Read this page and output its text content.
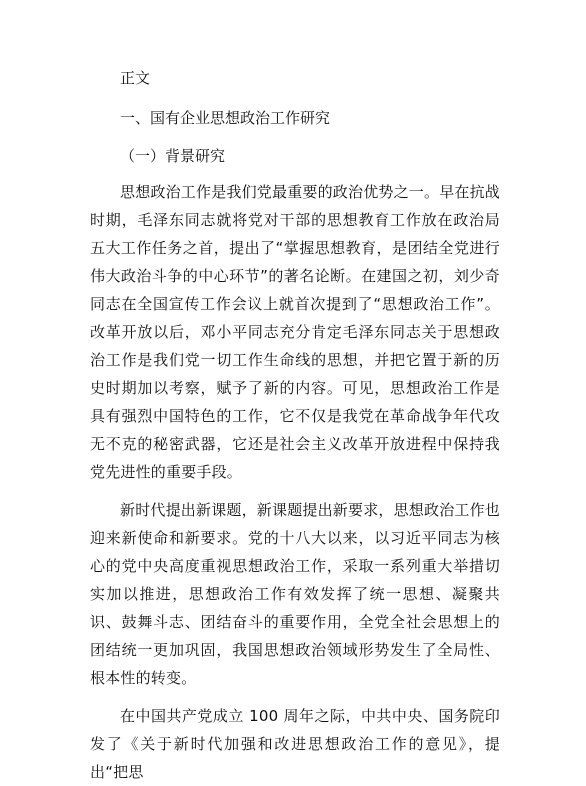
正文
一、国有企业思想政治工作研究
（一）背景研究

思想政治工作是我们党最重要的政治优势之一。早在抗战时期，毛泽东同志就将党对干部的思想教育工作放在政治局五大工作任务之首，提出了“掌握思想教育，是团结全党进行伟大政治斗争的中心环节”的著名论断。在建国之初，刘少奇同志在全国宣传工作会议上就首次提到了“思想政治工作”。改革开放以后，邓小平同志充分肯定毛泽东同志关于思想政治工作是我们党一切工作生命线的思想，并把它置于新的历史时期加以考察，赋予了新的内容。可见，思想政治工作是具有强烈中国特色的工作，它不仅是我党在革命战争年代攻无不克的秘密武器，它还是社会主义改革开放进程中保持我党先进性的重要手段。

新时代提出新课题，新课题提出新要求，思想政治工作也迎来新使命和新要求。党的十八大以来，以习近平同志为核心的党中央高度重视思想政治工作，采取一系列重大举措切实加以推进，思想政治工作有效发挥了统一思想、凝聚共识、鼓舞斗志、团结奋斗的重要作用，全党全社会思想上的团结统一更加巩固，我国思想政治领域形势发生了全局性、根本性的转变。

在中国共产党成立 100 周年之际，中共中央、国务院印发了《关于新时代加强和改进思想政治工作的意见》，提出“把思
